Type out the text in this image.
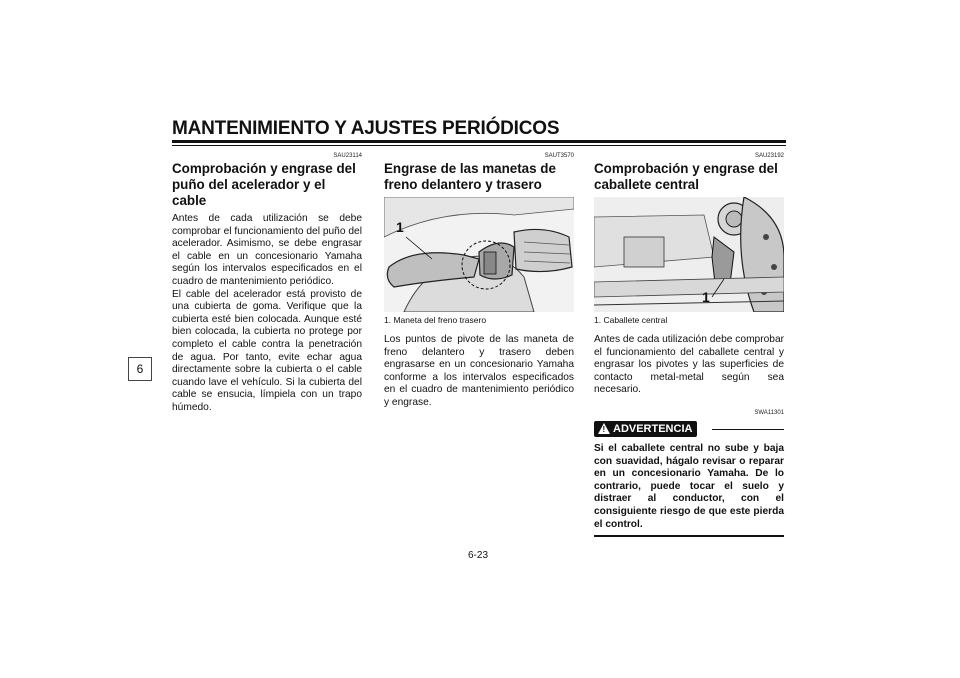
MANTENIMIENTO Y AJUSTES PERIÓDICOS
6
SAU23114
Comprobación y engrase del puño del acelerador y el cable

Antes de cada utilización se debe comprobar el funcionamiento del puño del acelerador. Asimismo, se debe engrasar el cable en un concesionario Yamaha según los intervalos especificados en el cuadro de mantenimiento periódico.
El cable del acelerador está provisto de una cubierta de goma. Verifique que la cubierta esté bien colocada. Aunque esté bien colocada, la cubierta no protege por completo el cable contra la penetración de agua. Por tanto, evite echar agua directamente sobre la cubierta o el cable cuando lave el vehículo. Si la cubierta del cable se ensucia, límpiela con un trapo húmedo.

SAUT3570
Engrase de las manetas de freno delantero y trasero
1
1. Maneta del freno trasero

Los puntos de pivote de las maneta de freno delantero y trasero deben engrasarse en un concesionario Yamaha conforme a los intervalos especificados en el cuadro de mantenimiento periódico y engrase.

SAU23192
Comprobación y engrase del caballete central
1
1. Caballete central

Antes de cada utilización debe comprobar el funcionamiento del caballete central y engrasar los pivotes y las superficies de contacto metal-metal según sea necesario.

SWA11301
! ADVERTENCIA
Si el caballete central no sube y baja con suavidad, hágalo revisar o reparar en un concesionario Yamaha. De lo contrario, puede tocar el suelo y distraer al conductor, con el consiguiente riesgo de que este pierda el control.
6-23
